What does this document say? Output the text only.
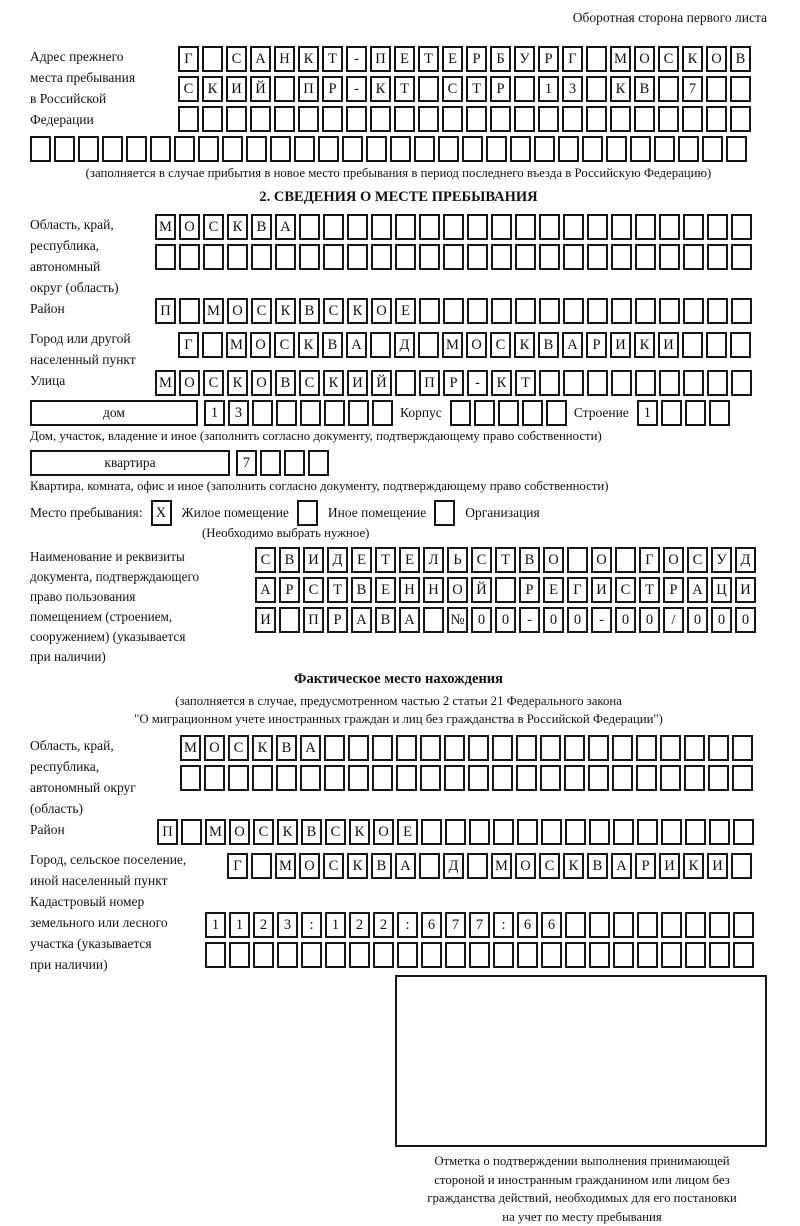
Оборотная сторона первого листа
Адрес прежнего
места пребывания
в Российской
Федерации
Г	С А Н К Т - П Е Т Е Р Б У Р Г	М О С К О В
С К И Й	П Р - К Т	С Т Р	1 3	К В	7
(заполняется в случае прибытия в новое место пребывания в период последнего въезда в Российскую Федерацию)
2. СВЕДЕНИЯ О МЕСТЕ ПРЕБЫВАНИЯ
Область, край,
республика,
автономный
округ (область)
М О С К В А
Район	П	М О С К В С К О Е
Город или другой
населенный пункт
Г	М О С К В А	Д	М О С К В А Р И К И
Улица	М О С К О В С К И Й	П Р - К Т
дом	1 3	Корпус	Строение 1
Дом, участок, владение и иное (заполнить согласно документу, подтверждающему право собственности)
квартира	7
Квартира, комната, офис и иное (заполнить согласно документу, подтверждающему право собственности)
Место пребывания: X	Жилое помещение	Иное помещение	Организация
(Необходимо выбрать нужное)
Наименование и реквизиты
документа, подтверждающего
право пользования
помещением (строением,
сооружением) (указывается
при наличии)
С В И Д Е Т Е Л Ь С Т В О	О	Г О С У Д
А Р С Т В Е Н Н О Й	Р Е Г И С Т Р А Ц И
И	П Р А В А № 0 0 - 0 0 - 0 0 / 0 0 0
Фактическое место нахождения
(заполняется в случае, предусмотренном частью 2 статьи 21 Федерального закона
"О миграционном учете иностранных граждан и лиц без гражданства в Российской Федерации")
Область, край,
республика,
автономный округ
(область)
М О С К В А
Район	П	М О С К В С К О Е
Город, сельское поселение,
иной населенный пункт
Г	М О С К В А	Д	М О С К В А Р И К И
Кадастровый номер
земельного или лесного
участка (указывается
при наличии)
1 1 2 3 : 1 2 2 : 6 7 7 : 6 6
Отметка о подтверждении выполнения принимающей
стороной и иностранным гражданином или лицом без
гражданства действий, необходимых для его постановки
на учет по месту пребывания
